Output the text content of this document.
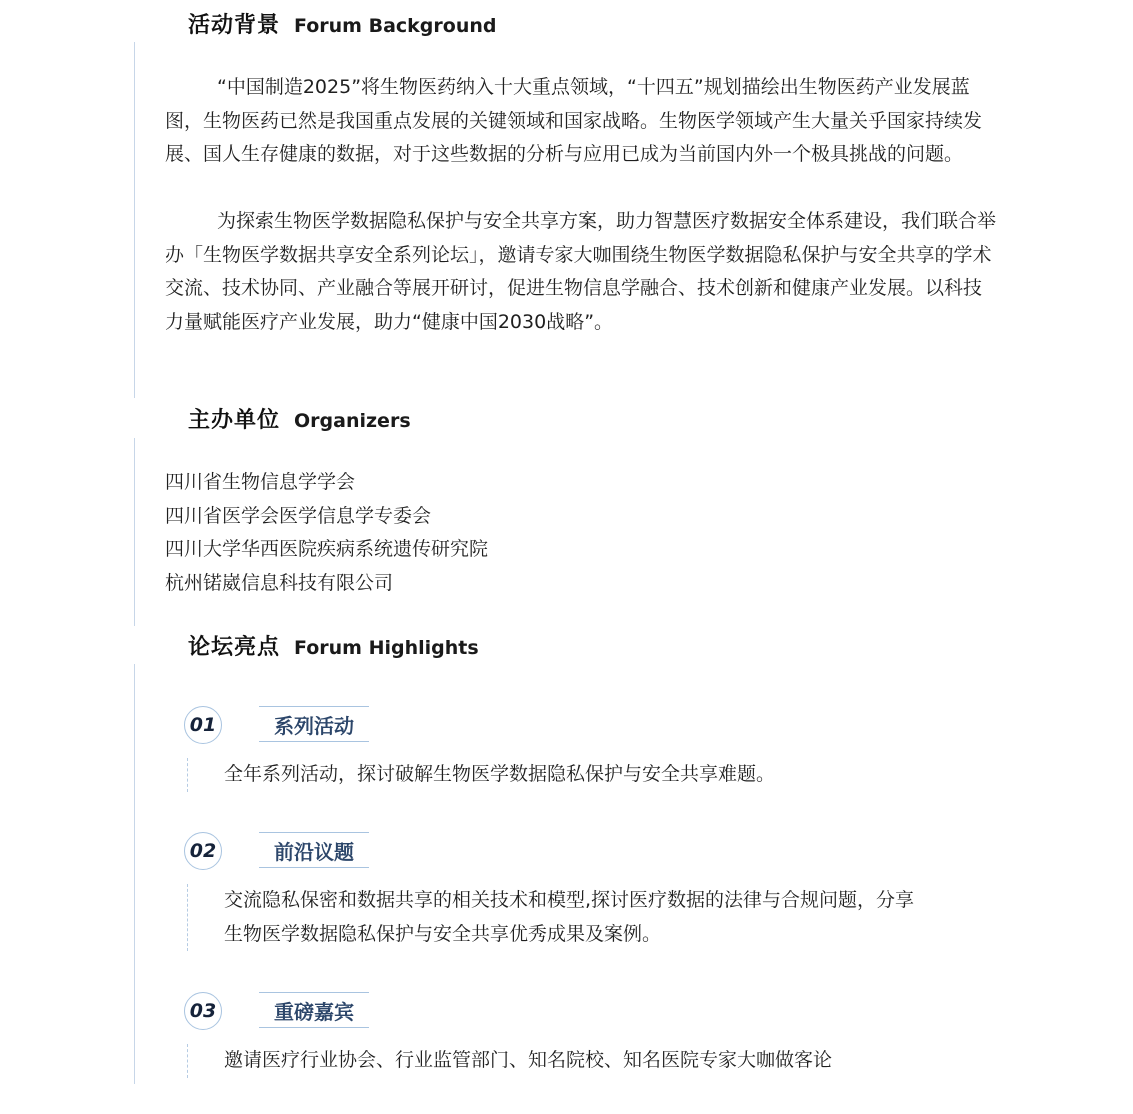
活动背景 Forum Background

“中国制造2025”将生物医药纳入十大重点领域，“十四五”规划描绘出生物医药产业发展蓝图，生物医药已然是我国重点发展的关键领域和国家战略。生物医学领域产生大量关乎国家持续发展、国人生存健康的数据，对于这些数据的分析与应用已成为当前国内外一个极具挑战的问题。

为探索生物医学数据隐私保护与安全共享方案，助力智慧医疗数据安全体系建设，我们联合举办「生物医学数据共享安全系列论坛」，邀请专家大咖围绕生物医学数据隐私保护与安全共享的学术交流、技术协同、产业融合等展开研讨，促进生物信息学融合、技术创新和健康产业发展。以科技力量赋能医疗产业发展，助力“健康中国2030战略”。

主办单位 Organizers
四川省生物信息学学会
四川省医学会医学信息学专委会
四川大学华西医院疾病系统遗传研究院
杭州锘崴信息科技有限公司
论坛亮点 Forum Highlights
01	系列活动
全年系列活动，探讨破解生物医学数据隐私保护与安全共享难题。
02	前沿议题
交流隐私保密和数据共享的相关技术和模型,探讨医疗数据的法律与合规问题，分享生物医学数据隐私保护与安全共享优秀成果及案例。
03	重磅嘉宾
邀请医疗行业协会、行业监管部门、知名院校、知名医院专家大咖做客论
